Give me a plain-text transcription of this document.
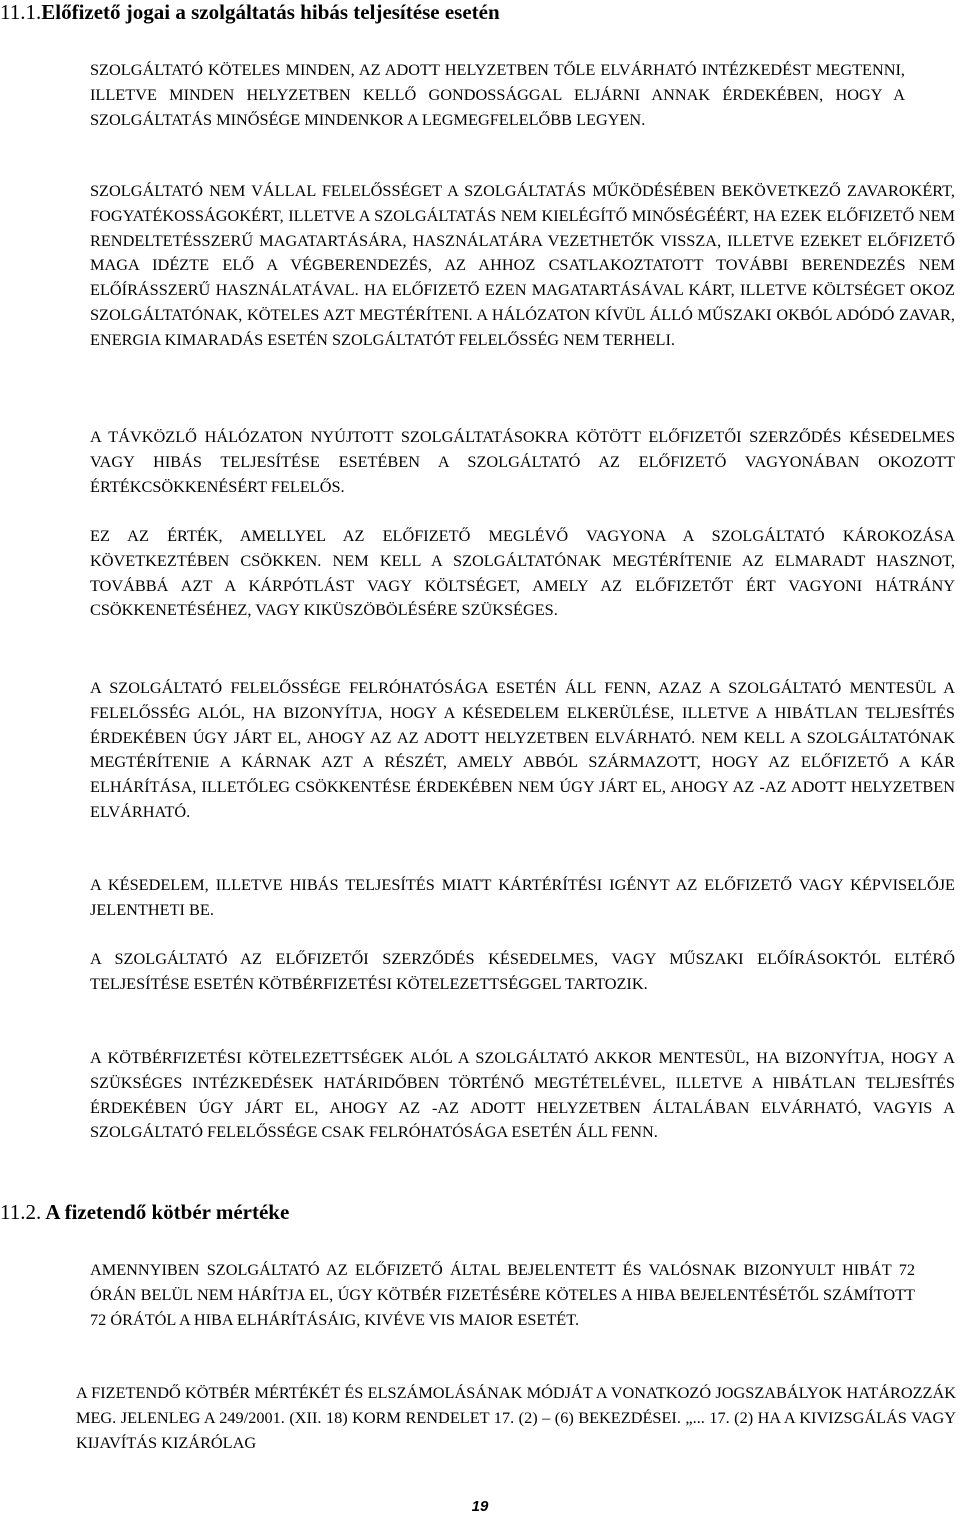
11.1.Előfizető jogai a szolgáltatás hibás teljesítése esetén

SZOLGÁLTATÓ KÖTELES MINDEN, AZ ADOTT HELYZETBEN TŐLE ELVÁRHATÓ INTÉZKEDÉST MEGTENNI, ILLETVE MINDEN HELYZETBEN KELLŐ GONDOSSÁGGAL ELJÁRNI ANNAK ÉRDEKÉBEN, HOGY A SZOLGÁLTATÁS MINŐSÉGE MINDENKOR A LEGMEGFELELŐBB LEGYEN.

SZOLGÁLTATÓ NEM VÁLLAL FELELŐSSÉGET A SZOLGÁLTATÁS MŰKÖDÉSÉBEN BEKÖVETKEZŐ ZAVAROKÉRT, FOGYATÉKOSSÁGOKÉRT, ILLETVE A SZOLGÁLTATÁS NEM KIELÉGÍTŐ MINŐSÉGÉÉRT, HA EZEK ELŐFIZETŐ NEM RENDELTETÉSSZERŰ MAGATARTÁSÁRA, HASZNÁLATÁRA VEZETHETŐK VISSZA, ILLETVE EZEKET ELŐFIZETŐ MAGA IDÉZTE ELŐ A VÉGBERENDEZÉS, AZ AHHOZ CSATLAKOZTATOTT TOVÁBBI BERENDEZÉS NEM ELŐÍRÁSSZERŰ HASZNÁLATÁVAL. HA ELŐFIZETŐ EZEN MAGATARTÁSÁVAL KÁRT, ILLETVE KÖLTSÉGET OKOZ SZOLGÁLTATÓNAK, KÖTELES AZT MEGTÉRÍTENI. A HÁLÓZATON KÍVÜL ÁLLÓ MŰSZAKI OKBÓL ADÓDÓ ZAVAR, ENERGIA KIMARADÁS ESETÉN SZOLGÁLTATÓT FELELŐSSÉG NEM TERHELI.

A TÁVKÖZLŐ HÁLÓZATON NYÚJTOTT SZOLGÁLTATÁSOKRA KÖTÖTT ELŐFIZETŐI SZERZŐDÉS KÉSEDELMES VAGY HIBÁS TELJESÍTÉSE ESETÉBEN A SZOLGÁLTATÓ AZ ELŐFIZETŐ VAGYONÁBAN OKOZOTT ÉRTÉKCSÖKKENÉSÉRT FELELŐS.

EZ AZ ÉRTÉK, AMELLYEL AZ ELŐFIZETŐ MEGLÉVŐ VAGYONA A SZOLGÁLTATÓ KÁROKOZÁSA KÖVETKEZTÉBEN CSÖKKEN. NEM KELL A SZOLGÁLTATÓNAK MEGTÉRÍTENIE AZ ELMARADT HASZNOT, TOVÁBBÁ AZT A KÁRPÓTLÁST VAGY KÖLTSÉGET, AMELY AZ ELŐFIZETŐT ÉRT VAGYONI HÁTRÁNY CSÖKKENETÉSÉHEZ, VAGY KIKÜSZÖBÖLÉSÉRE SZÜKSÉGES.

A SZOLGÁLTATÓ FELELŐSSÉGE FELRÓHATÓSÁGA ESETÉN ÁLL FENN, AZAZ A SZOLGÁLTATÓ MENTESÜL A FELELŐSSÉG ALÓL, HA BIZONYÍTJA, HOGY A KÉSEDELEM ELKERÜLÉSE, ILLETVE A HIBÁTLAN TELJESÍTÉS ÉRDEKÉBEN ÚGY JÁRT EL, AHOGY AZ AZ ADOTT HELYZETBEN ELVÁRHATÓ. NEM KELL A SZOLGÁLTATÓNAK MEGTÉRÍTENIE A KÁRNAK AZT A RÉSZÉT, AMELY ABBÓL SZÁRMAZOTT, HOGY AZ ELŐFIZETŐ A KÁR ELHÁRÍTÁSA, ILLETŐLEG CSÖKKENTÉSE ÉRDEKÉBEN NEM ÚGY JÁRT EL, AHOGY AZ -AZ ADOTT HELYZETBEN ELVÁRHATÓ.

A KÉSEDELEM, ILLETVE HIBÁS TELJESÍTÉS MIATT KÁRTÉRÍTÉSI IGÉNYT AZ ELŐFIZETŐ VAGY KÉPVISELŐJE JELENTHETI BE.

A SZOLGÁLTATÓ AZ ELŐFIZETŐI SZERZŐDÉS KÉSEDELMES, VAGY MŰSZAKI ELŐÍRÁSOKTÓL ELTÉRŐ TELJESÍTÉSE ESETÉN KÖTBÉRFIZETÉSI KÖTELEZETTSÉGGEL TARTOZIK.

A KÖTBÉRFIZETÉSI KÖTELEZETTSÉGEK ALÓL A SZOLGÁLTATÓ AKKOR MENTESÜL, HA BIZONYÍTJA, HOGY A SZÜKSÉGES INTÉZKEDÉSEK HATÁRIDŐBEN TÖRTÉNŐ MEGTÉTELÉVEL, ILLETVE A HIBÁTLAN TELJESÍTÉS ÉRDEKÉBEN ÚGY JÁRT EL, AHOGY AZ -AZ ADOTT HELYZETBEN ÁLTALÁBAN ELVÁRHATÓ, VAGYIS A SZOLGÁLTATÓ FELELŐSSÉGE CSAK FELRÓHATÓSÁGA ESETÉN ÁLL FENN.

11.2. A fizetendő kötbér mértéke

AMENNYIBEN SZOLGÁLTATÓ AZ ELŐFIZETŐ ÁLTAL BEJELENTETT ÉS VALÓSNAK BIZONYULT HIBÁT 72 ÓRÁN BELÜL NEM HÁRÍTJA EL, ÚGY KÖTBÉR FIZETÉSÉRE KÖTELES A HIBA BEJELENTÉSÉTŐL SZÁMÍTOTT 72 ÓRÁTÓL A HIBA ELHÁRÍTÁSÁIG, KIVÉVE VIS MAIOR ESETÉT.

A FIZETENDŐ KÖTBÉR MÉRTÉKÉT ÉS ELSZÁMOLÁSÁNAK MÓDJÁT A VONATKOZÓ JOGSZABÁLYOK HATÁROZZÁK MEG. JELENLEG A 249/2001. (XII. 18) KORM RENDELET 17. (2) – (6) BEKEZDÉSEI. „... 17. (2) HA A KIVIZSGÁLÁS VAGY KIJAVÍTÁS KIZÁRÓLAG

19
